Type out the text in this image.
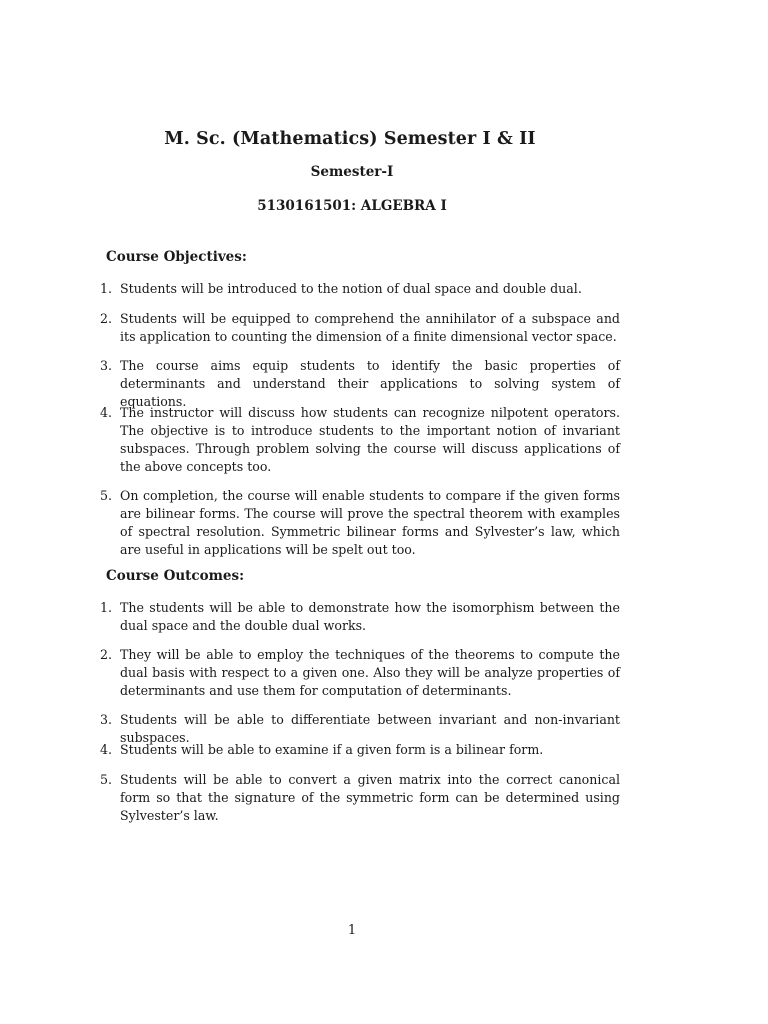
M. Sc. (Mathematics) Semester I & II
Semester-I
5130161501: ALGEBRA I
Course Objectives:
1. Students will be introduced to the notion of dual space and double dual.
2. Students will be equipped to comprehend the annihilator of a subspace and its application to counting the dimension of a finite dimensional vector space.
3. The course aims equip students to identify the basic properties of determinants and understand their applications to solving system of equations.
4. The instructor will discuss how students can recognize nilpotent operators. The objective is to introduce students to the important notion of invariant subspaces. Through problem solving the course will discuss applications of the above concepts too.
5. On completion, the course will enable students to compare if the given forms are bilinear forms. The course will prove the spectral theorem with examples of spectral resolution. Symmetric bilinear forms and Sylvester’s law, which are useful in applications will be spelt out too.
Course Outcomes:
1. The students will be able to demonstrate how the isomorphism between the dual space and the double dual works.
2. They will be able to employ the techniques of the theorems to compute the dual basis with respect to a given one. Also they will be analyze properties of determinants and use them for computation of determinants.
3. Students will be able to differentiate between invariant and non-invariant subspaces.
4. Students will be able to examine if a given form is a bilinear form.
5. Students will be able to convert a given matrix into the correct canonical form so that the signature of the symmetric form can be determined using Sylvester’s law.
1
